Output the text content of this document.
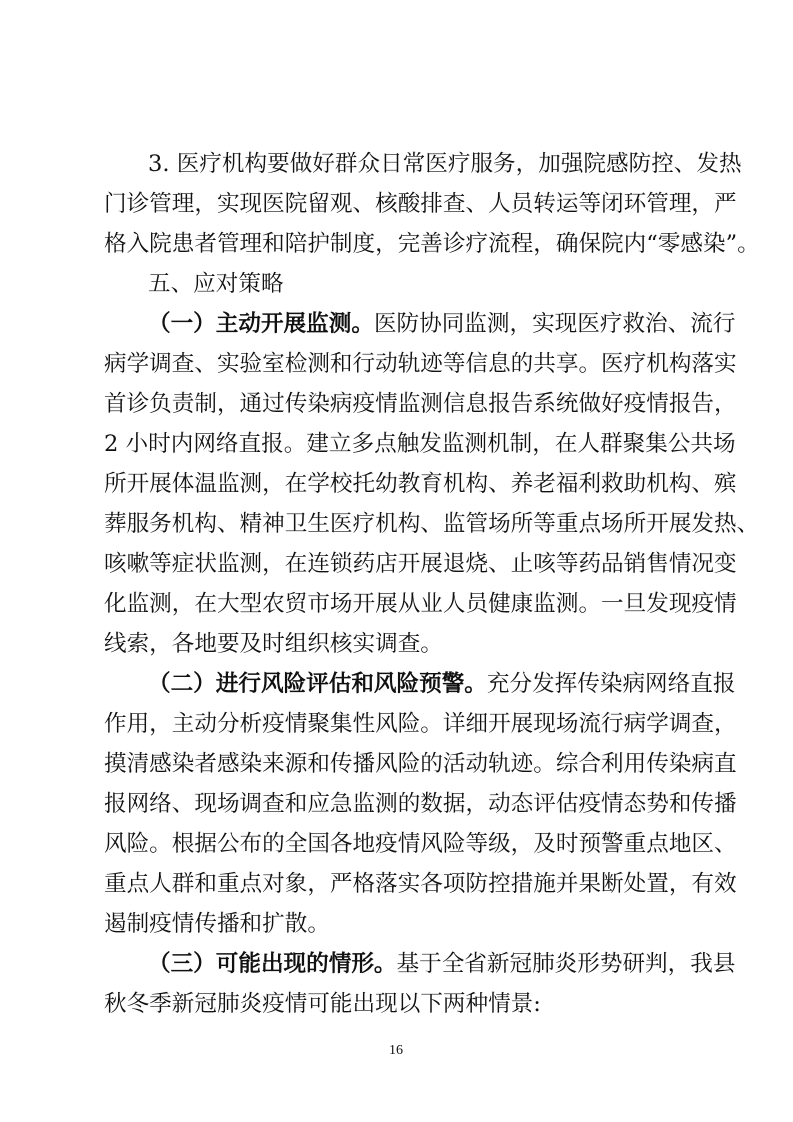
3. 医疗机构要做好群众日常医疗服务，加强院感防控、发热
门诊管理，实现医院留观、核酸排查、人员转运等闭环管理，严
格入院患者管理和陪护制度，完善诊疗流程，确保院内“零感染”。
五、应对策略
（一）主动开展监测。医防协同监测，实现医疗救治、流行
病学调查、实验室检测和行动轨迹等信息的共享。医疗机构落实
首诊负责制，通过传染病疫情监测信息报告系统做好疫情报告，
2 小时内网络直报。建立多点触发监测机制，在人群聚集公共场
所开展体温监测，在学校托幼教育机构、养老福利救助机构、殡
葬服务机构、精神卫生医疗机构、监管场所等重点场所开展发热、
咳嗽等症状监测，在连锁药店开展退烧、止咳等药品销售情况变
化监测，在大型农贸市场开展从业人员健康监测。一旦发现疫情
线索，各地要及时组织核实调查。
（二）进行风险评估和风险预警。充分发挥传染病网络直报
作用，主动分析疫情聚集性风险。详细开展现场流行病学调查，
摸清感染者感染来源和传播风险的活动轨迹。综合利用传染病直
报网络、现场调查和应急监测的数据，动态评估疫情态势和传播
风险。根据公布的全国各地疫情风险等级，及时预警重点地区、
重点人群和重点对象，严格落实各项防控措施并果断处置，有效
遏制疫情传播和扩散。
（三）可能出现的情形。基于全省新冠肺炎形势研判，我县
秋冬季新冠肺炎疫情可能出现以下两种情景:
16
